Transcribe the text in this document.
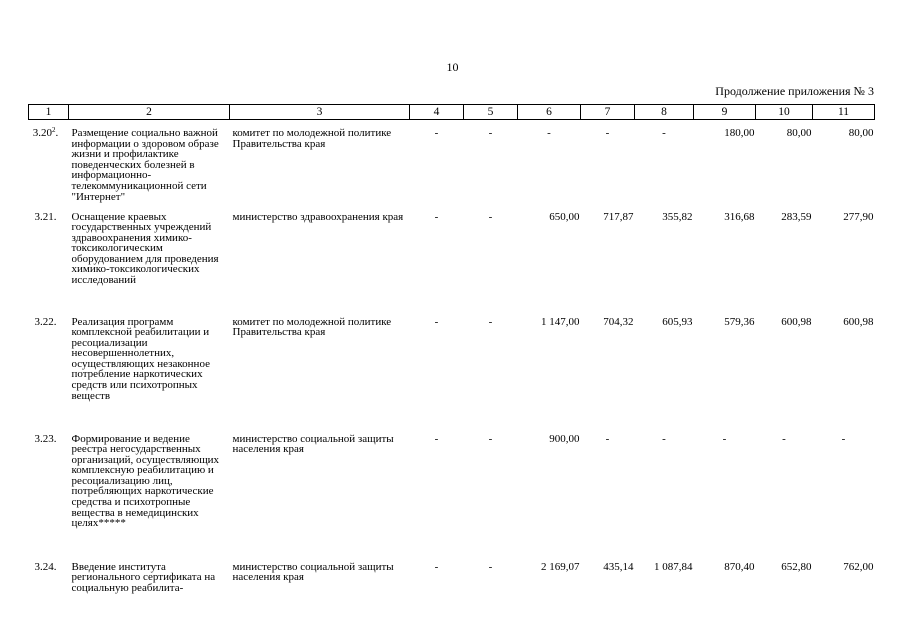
10
Продолжение приложения № 3
1	2	3	4	5	6	7	8	9	10	11
3.20$^2$.	Размещение социально важной информации о здоровом образе жизни и профилактике поведенческих болезней в информационно-телекоммуникационной сети "Интернет"	комитет по молодежной политике Правительства края	-	-	-	-	-	180,00	80,00	80,00
3.21.	Оснащение краевых государственных учреждений здравоохранения химико-токсикологическим оборудованием для проведения химико-токсикологических исследований	министерство здравоохранения края	-	-	650,00	717,87	355,82	316,68	283,59	277,90
3.22.	Реализация программ комплексной реабилитации и ресоциализации несовершеннолетних, осуществляющих незаконное потребление наркотических средств или психотропных веществ	комитет по молодежной политике Правительства края	-	-	1 147,00	704,32	605,93	579,36	600,98	600,98
3.23.	Формирование и ведение реестра негосударственных организаций, осуществляющих комплексную реабилитацию и ресоциализацию лиц, потребляющих наркотические средства и психотропные вещества в немедицинских целях*****	министерство социальной защиты населения края	-	-	900,00	-	-	-	-	-
3.24.	Введение института регионального сертификата на социальную реабилита-	министерство социальной защиты населения края	-	-	2 169,07	435,14	1 087,84	870,40	652,80	762,00
